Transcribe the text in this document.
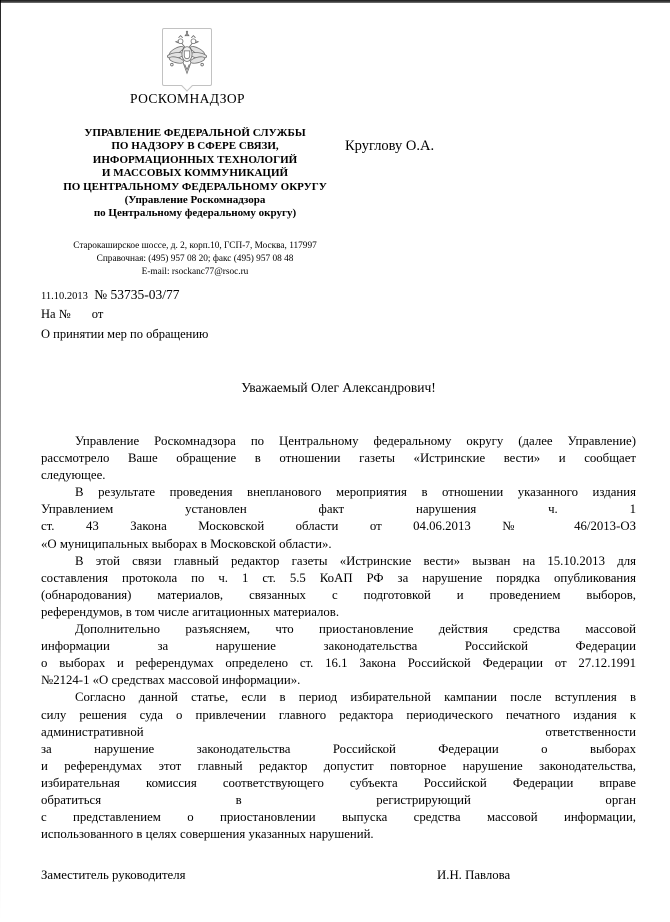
РОСКОМНАДЗОР
УПРАВЛЕНИЕ ФЕДЕРАЛЬНОЙ СЛУЖБЫ
ПО НАДЗОРУ В СФЕРЕ СВЯЗИ,
ИНФОРМАЦИОННЫХ ТЕХНОЛОГИЙ
И МАССОВЫХ КОММУНИКАЦИЙ
ПО ЦЕНТРАЛЬНОМУ ФЕДЕРАЛЬНОМУ ОКРУГУ
(Управление Роскомнадзора
по Центральному федеральному округу)
Старокаширское шоссе, д. 2, корп.10, ГСП-7, Москва, 117997
Справочная: (495) 957 08 20; факс (495) 957 08 48
E-mail: rsockanc77@rsoc.ru
Круглову О.А.
11.10.2013 № 53735-03/77
На № от
О принятии мер по обращению
Уважаемый Олег Александрович!
Управление Роскомнадзора по Центральному федеральному округу (далее Управление)
рассмотрело Ваше обращение в отношении газеты «Истринские вести» и сообщает
следующее.
В результате проведения внепланового мероприятия в отношении указанного издания
Управлением установлен факт нарушения ч. 1
ст. 43 Закона Московской области от 04.06.2013 № 46/2013-ОЗ
«О муниципальных выборах в Московской области».
В этой связи главный редактор газеты «Истринские вести» вызван на 15.10.2013 для
составления протокола по ч. 1 ст. 5.5 КоАП РФ за нарушение порядка опубликования
(обнародования) материалов, связанных с подготовкой и проведением выборов,
референдумов, в том числе агитационных материалов.
Дополнительно разъясняем, что приостановление действия средства массовой
информации за нарушение законодательства Российской Федерации
о выборах и референдумах определено ст. 16.1 Закона Российской Федерации от 27.12.1991
№2124-1 «О средствах массовой информации».
Согласно данной статье, если в период избирательной кампании после вступления в
силу решения суда о привлечении главного редактора периодического печатного издания к
административной ответственности
за нарушение законодательства Российской Федерации о выборах
и референдумах этот главный редактор допустит повторное нарушение законодательства,
избирательная комиссия соответствующего субъекта Российской Федерации вправе
обратиться в регистрирующий орган
с представлением о приостановлении выпуска средства массовой информации,
использованного в целях совершения указанных нарушений.
Заместитель руководителя	И.Н. Павлова
